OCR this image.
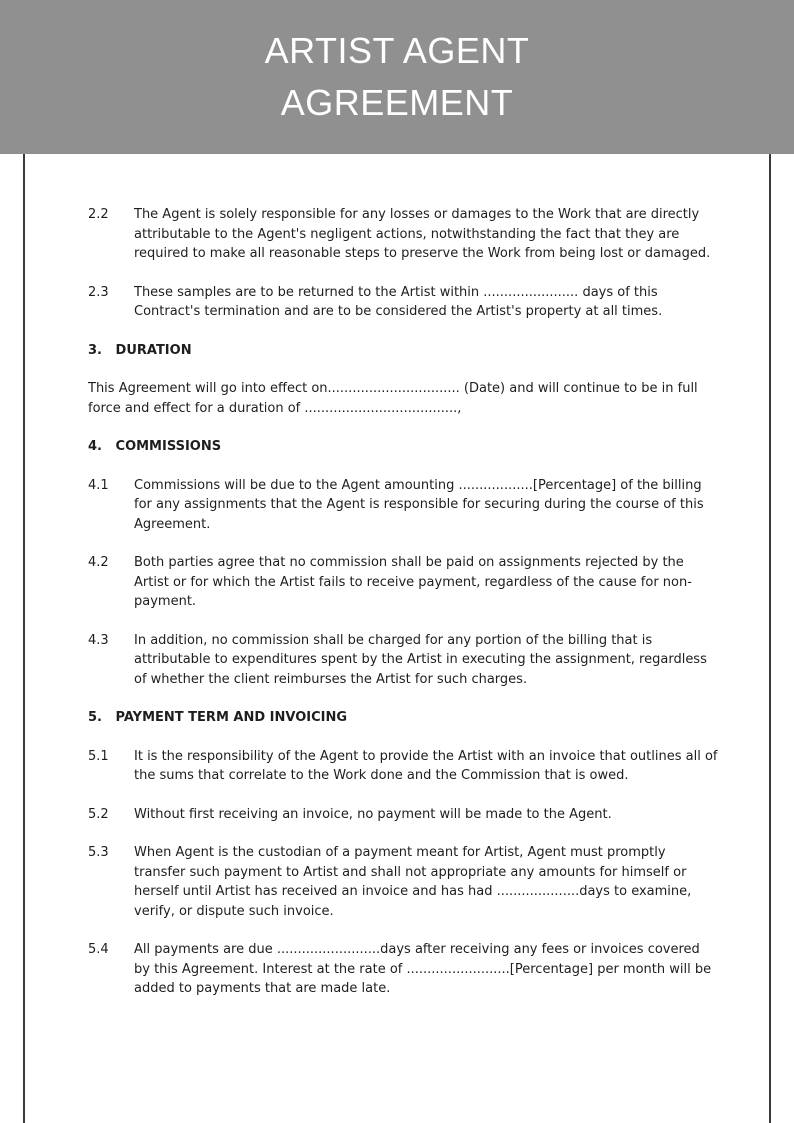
ARTIST AGENT
AGREEMENT
2.2	The Agent is solely responsible for any losses or damages to the Work that are directly attributable to the Agent's negligent actions, notwithstanding the fact that they are required to make all reasonable steps to preserve the Work from being lost or damaged.
2.3	These samples are to be returned to the Artist within ....................... days of this Contract's termination and are to be considered the Artist's property at all times.
3. DURATION
This Agreement will go into effect on................................ (Date) and will continue to be in full force and effect for a duration of .....................................,
4. COMMISSIONS
4.1	Commissions will be due to the Agent amounting ..................[Percentage] of the billing for any assignments that the Agent is responsible for securing during the course of this Agreement.
4.2	Both parties agree that no commission shall be paid on assignments rejected by the Artist or for which the Artist fails to receive payment, regardless of the cause for non-payment.
4.3	In addition, no commission shall be charged for any portion of the billing that is attributable to expenditures spent by the Artist in executing the assignment, regardless of whether the client reimburses the Artist for such charges.
5. PAYMENT TERM AND INVOICING
5.1	It is the responsibility of the Agent to provide the Artist with an invoice that outlines all of the sums that correlate to the Work done and the Commission that is owed.
5.2	Without first receiving an invoice, no payment will be made to the Agent.
5.3	When Agent is the custodian of a payment meant for Artist, Agent must promptly transfer such payment to Artist and shall not appropriate any amounts for himself or herself until Artist has received an invoice and has had ....................days to examine, verify, or dispute such invoice.
5.4	All payments are due .........................days after receiving any fees or invoices covered by this Agreement. Interest at the rate of .........................[Percentage] per month will be added to payments that are made late.
